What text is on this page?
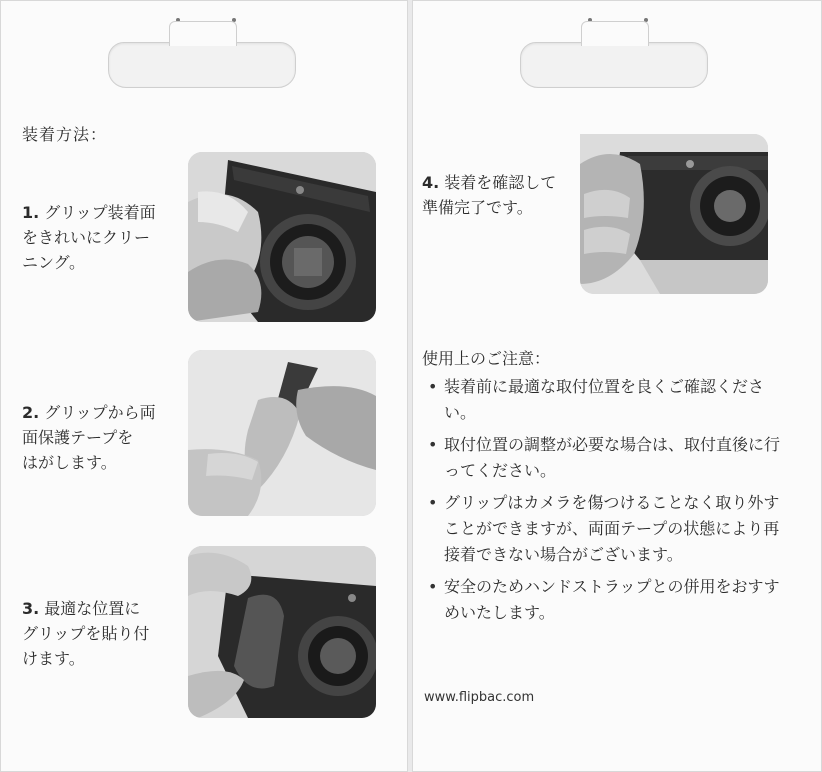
装着方法：

1. グリップ装着面
をきれいにクリー
ニング。

2. グリップから両
面保護テープを
はがします。

3. 最適な位置に
グリップを貼り付
けます。

4. 装着を確認して
準備完了です。

使用上のご注意：
• 装着前に最適な取付位置を良くご確認ください。
• 取付位置の調整が必要な場合は、取付直後に行ってください。
• グリップはカメラを傷つけることなく取り外すことができますが、両面テープの状態により再接着できない場合がございます。
• 安全のためハンドストラップとの併用をおすすめいたします。
www.flipbac.com
